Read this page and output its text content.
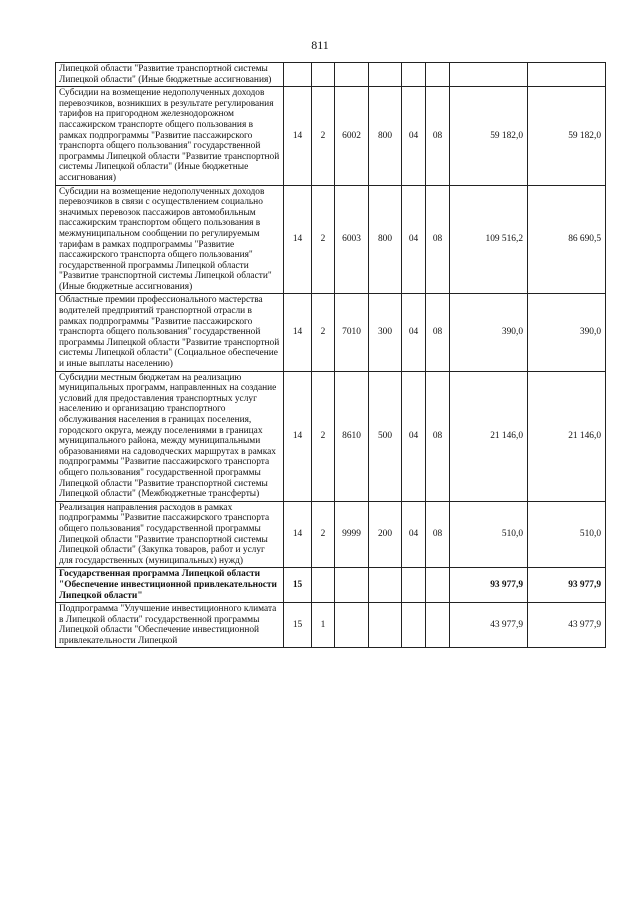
811
Липецкой области "Развитие транспортной системы Липецкой области" (Иные бюджетные ассигнования)								
Субсидии на возмещение недополученных доходов перевозчиков, возникших в результате регулирования тарифов на пригородном железнодорожном пассажирском транспорте общего пользования в рамках подпрограммы "Развитие пассажирского транспорта общего пользования" государственной программы Липецкой области "Развитие транспортной системы Липецкой области" (Иные бюджетные ассигнования)	14	2	6002	800	04	08	59 182,0	59 182,0
Субсидии на возмещение недополученных доходов перевозчиков в связи с осуществлением социально значимых перевозок пассажиров автомобильным пассажирским транспортом общего пользования в межмуниципальном сообщении по регулируемым тарифам в рамках подпрограммы "Развитие пассажирского транспорта общего пользования" государственной программы Липецкой области "Развитие транспортной системы Липецкой области" (Иные бюджетные ассигнования)	14	2	6003	800	04	08	109 516,2	86 690,5
Областные премии профессионального мастерства водителей предприятий транспортной отрасли в рамках подпрограммы "Развитие пассажирского транспорта общего пользования" государственной программы Липецкой области "Развитие транспортной системы Липецкой области" (Социальное обеспечение и иные выплаты населению)	14	2	7010	300	04	08	390,0	390,0
Субсидии местным бюджетам на реализацию муниципальных программ, направленных на создание условий для предоставления транспортных услуг населению и организацию транспортного обслуживания населения в границах поселения, городского округа, между поселениями в границах муниципального района, между муниципальными образованиями на садоводческих маршрутах в рамках подпрограммы "Развитие пассажирского транспорта общего пользования" государственной программы Липецкой области "Развитие транспортной системы Липецкой области" (Межбюджетные трансферты)	14	2	8610	500	04	08	21 146,0	21 146,0
Реализация направления расходов в рамках подпрограммы "Развитие пассажирского транспорта общего пользования" государственной программы Липецкой области "Развитие транспортной системы Липецкой области" (Закупка товаров, работ и услуг для государственных (муниципальных) нужд)	14	2	9999	200	04	08	510,0	510,0
Государственная программа Липецкой области "Обеспечение инвестиционной привлекательности Липецкой области"	15						93 977,9	93 977,9
Подпрограмма "Улучшение инвестиционного климата в Липецкой области" государственной программы Липецкой области "Обеспечение инвестиционной привлекательности Липецкой	15	1					43 977,9	43 977,9
